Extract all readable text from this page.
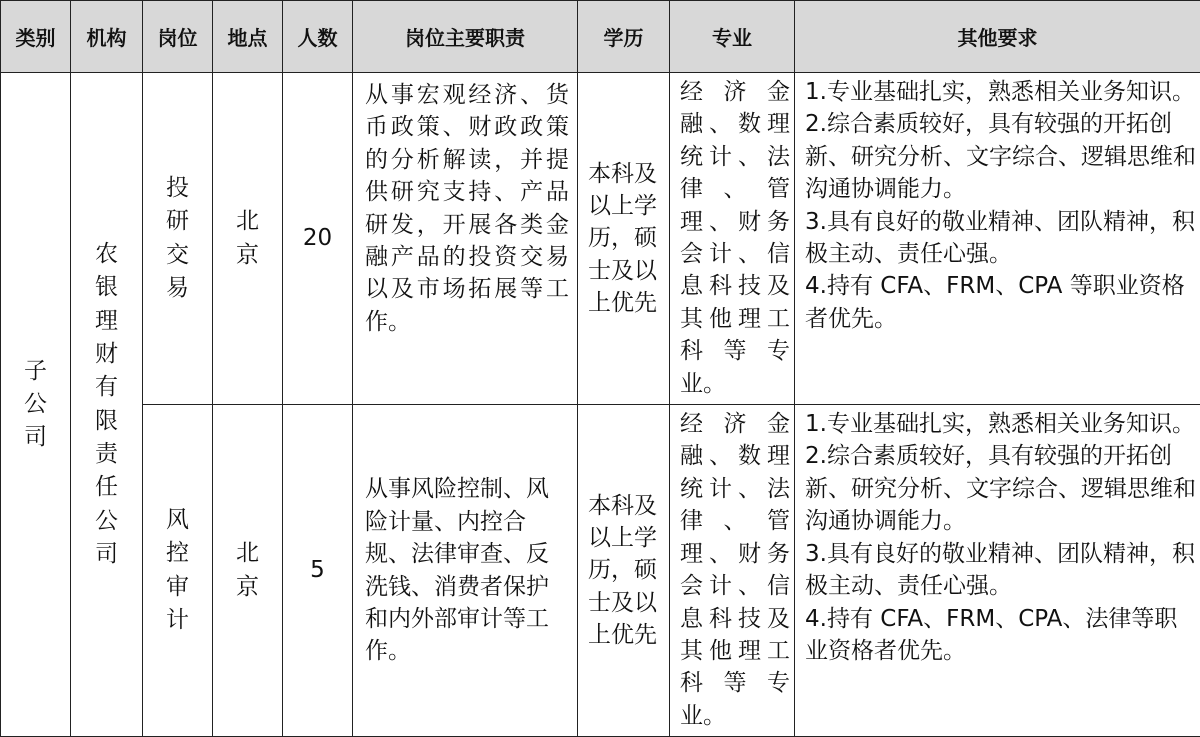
类别	机构	岗位	地点	人数	岗位主要职责	学历	专业	其他要求
子公司	农银理财有限责任公司	投研交易	北京	20	从事宏观经济、货币政策、财政政策的分析解读，并提供研究支持、产品研发，开展各类金融产品的投资交易以及市场拓展等工作。	本科及以上学历，硕士及以上优先	经济金融、数理统计、法律、管理、财务会计、信息科技及其他理工科等专业。	1.专业基础扎实，熟悉相关业务知识。
2.综合素质较好，具有较强的开拓创新、研究分析、文字综合、逻辑思维和沟通协调能力。
3.具有良好的敬业精神、团队精神，积极主动、责任心强。
4.持有 CFA、FRM、CPA 等职业资格者优先。

		风控审计	北京	5	从事风险控制、风险计量、内控合规、法律审查、反洗钱、消费者保护和内外部审计等工作。	本科及以上学历，硕士及以上优先	经济金融、数理统计、法律、管理、财务会计、信息科技及其他理工科等专业。	1.专业基础扎实，熟悉相关业务知识。
2.综合素质较好，具有较强的开拓创新、研究分析、文字综合、逻辑思维和沟通协调能力。
3.具有良好的敬业精神、团队精神，积极主动、责任心强。
4.持有 CFA、FRM、CPA、法律等职业资格者优先。
